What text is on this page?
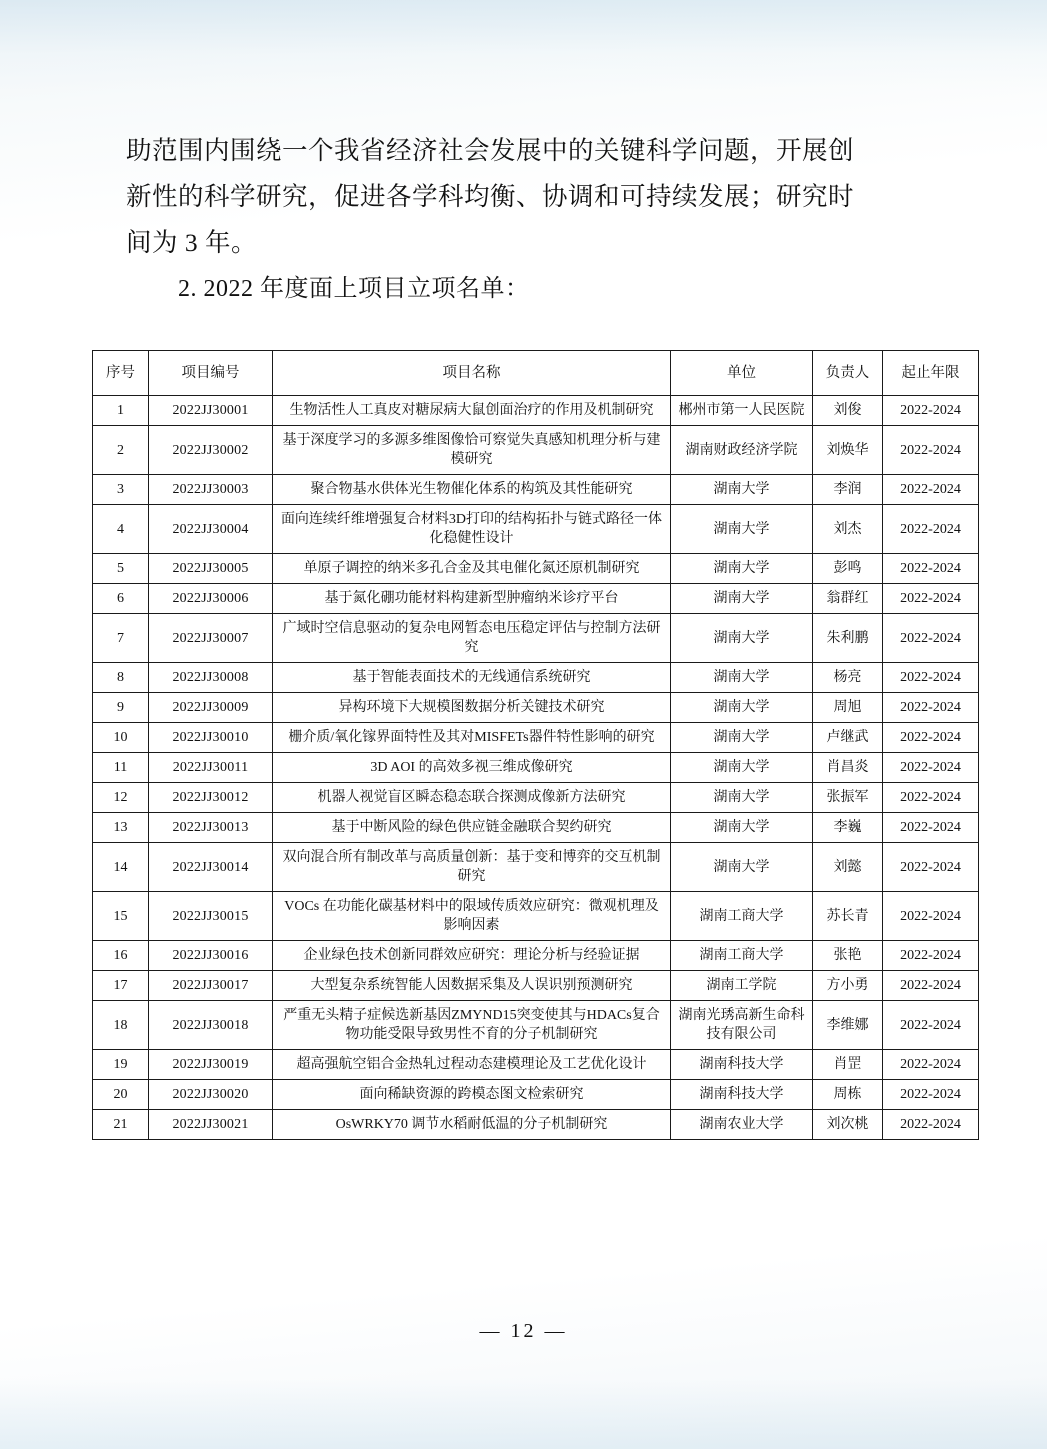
助范围内围绕一个我省经济社会发展中的关键科学问题，开展创
新性的科学研究，促进各学科均衡、协调和可持续发展；研究时
间为 3 年。
2. 2022 年度面上项目立项名单：
序号	项目编号	项目名称	单位	负责人	起止年限
1	2022JJ30001	生物活性人工真皮对糖尿病大鼠创面治疗的作用及机制研究	郴州市第一人民医院	刘俊	2022-2024
2	2022JJ30002	基于深度学习的多源多维图像恰可察觉失真感知机理分析与建模研究	湖南财政经济学院	刘焕华	2022-2024
3	2022JJ30003	聚合物基水供体光生物催化体系的构筑及其性能研究	湖南大学	李润	2022-2024
4	2022JJ30004	面向连续纤维增强复合材料3D打印的结构拓扑与链式路径一体化稳健性设计	湖南大学	刘杰	2022-2024
5	2022JJ30005	单原子调控的纳米多孔合金及其电催化氮还原机制研究	湖南大学	彭鸣	2022-2024
6	2022JJ30006	基于氮化硼功能材料构建新型肿瘤纳米诊疗平台	湖南大学	翁群红	2022-2024
7	2022JJ30007	广域时空信息驱动的复杂电网暂态电压稳定评估与控制方法研究	湖南大学	朱利鹏	2022-2024
8	2022JJ30008	基于智能表面技术的无线通信系统研究	湖南大学	杨亮	2022-2024
9	2022JJ30009	异构环境下大规模图数据分析关键技术研究	湖南大学	周旭	2022-2024
10	2022JJ30010	栅介质/氧化镓界面特性及其对MISFETs器件特性影响的研究	湖南大学	卢继武	2022-2024
11	2022JJ30011	3D AOI 的高效多视三维成像研究	湖南大学	肖昌炎	2022-2024
12	2022JJ30012	机器人视觉盲区瞬态稳态联合探测成像新方法研究	湖南大学	张振军	2022-2024
13	2022JJ30013	基于中断风险的绿色供应链金融联合契约研究	湖南大学	李巍	2022-2024
14	2022JJ30014	双向混合所有制改革与高质量创新：基于变和博弈的交互机制研究	湖南大学	刘懿	2022-2024
15	2022JJ30015	VOCs 在功能化碳基材料中的限域传质效应研究：微观机理及影响因素	湖南工商大学	苏长青	2022-2024
16	2022JJ30016	企业绿色技术创新同群效应研究：理论分析与经验证据	湖南工商大学	张艳	2022-2024
17	2022JJ30017	大型复杂系统智能人因数据采集及人误识别预测研究	湖南工学院	方小勇	2022-2024
18	2022JJ30018	严重无头精子症候选新基因ZMYND15突变使其与HDACs复合物功能受限导致男性不育的分子机制研究	湖南光琇高新生命科技有限公司	李维娜	2022-2024
19	2022JJ30019	超高强航空铝合金热轧过程动态建模理论及工艺优化设计	湖南科技大学	肖罡	2022-2024
20	2022JJ30020	面向稀缺资源的跨模态图文检索研究	湖南科技大学	周栋	2022-2024
21	2022JJ30021	OsWRKY70 调节水稻耐低温的分子机制研究	湖南农业大学	刘次桃	2022-2024
— 12 —
